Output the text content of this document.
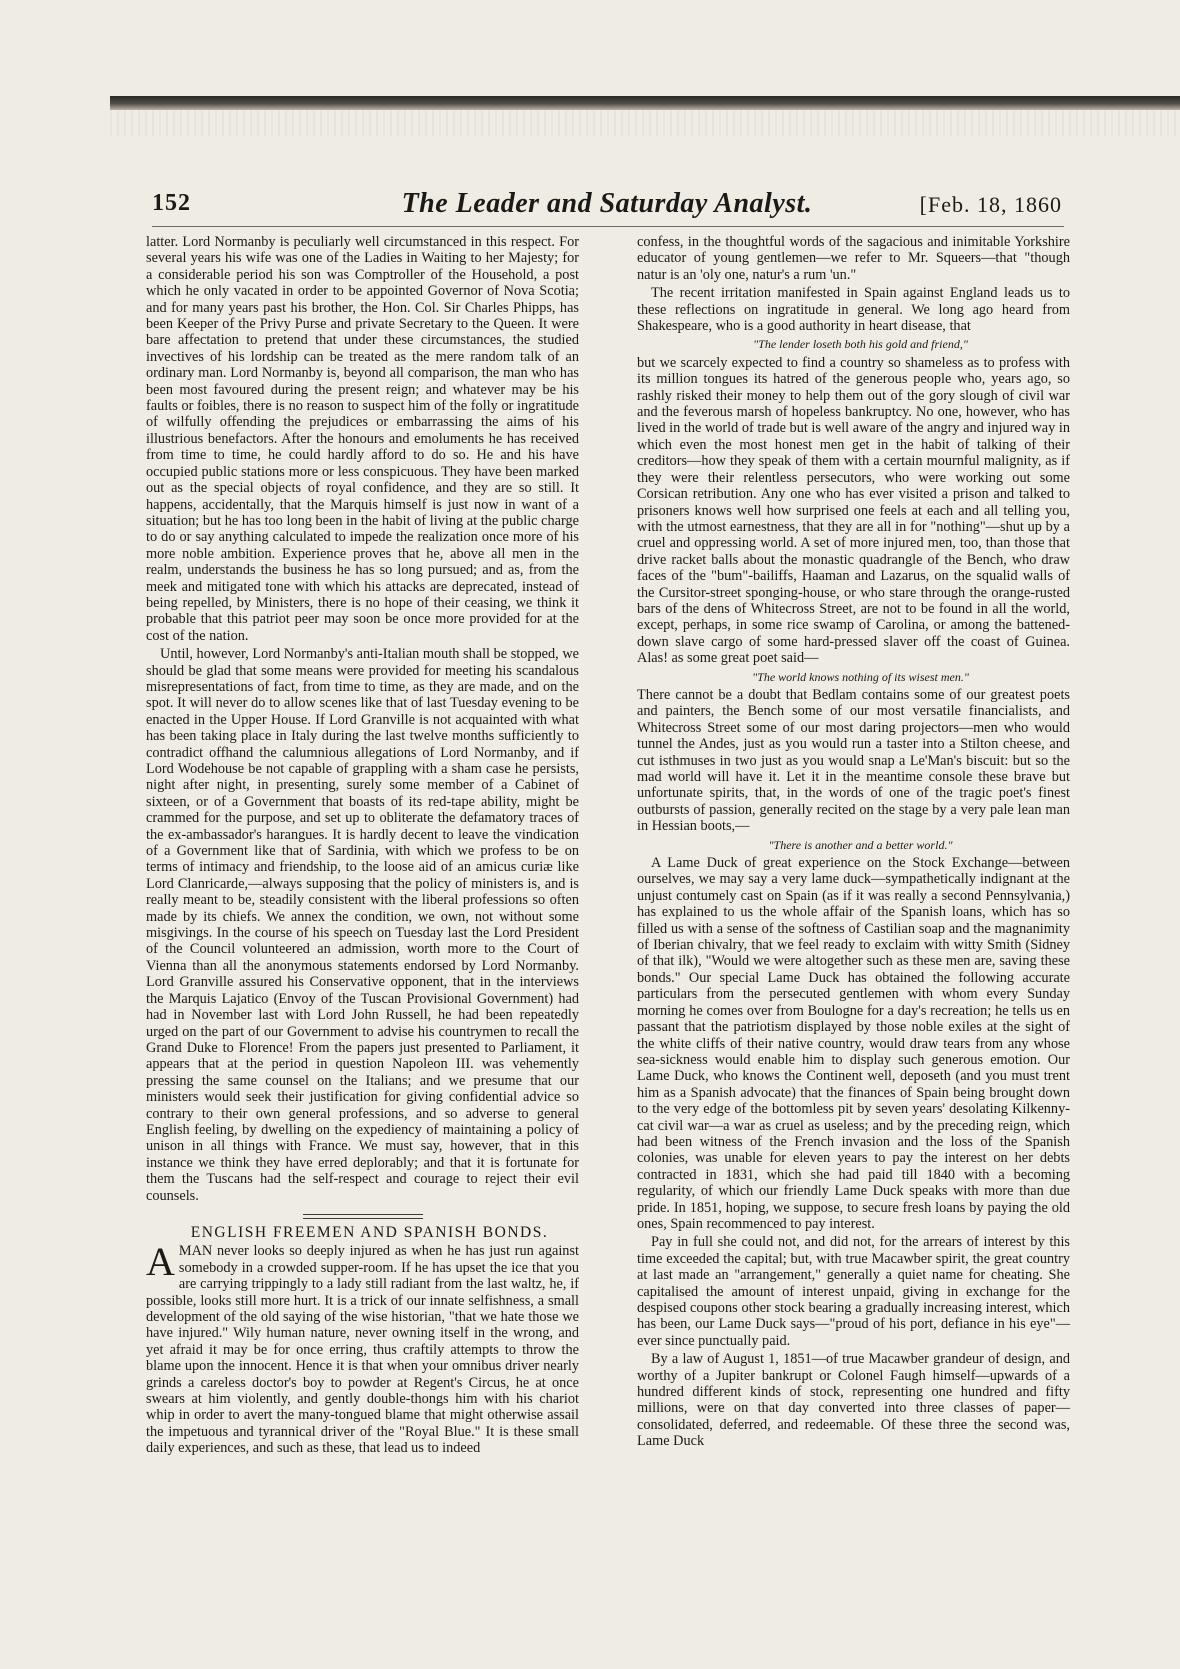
152	The Leader and Saturday Analyst.	[Feb. 18, 1860

latter. Lord Normanby is peculiarly well circumstanced in this respect. For several years his wife was one of the Ladies in Waiting to her Majesty; for a considerable period his son was Comptroller of the Household, a post which he only vacated in order to be appointed Governor of Nova Scotia; and for many years past his brother, the Hon. Col. Sir Charles Phipps, has been Keeper of the Privy Purse and private Secretary to the Queen. It were bare affectation to pretend that under these circumstances, the studied invectives of his lordship can be treated as the mere random talk of an ordinary man. Lord Normanby is, beyond all comparison, the man who has been most favoured during the present reign; and whatever may be his faults or foibles, there is no reason to suspect him of the folly or ingratitude of wilfully offending the prejudices or embarrassing the aims of his illustrious benefactors. After the honours and emoluments he has received from time to time, he could hardly afford to do so. He and his have occupied public stations more or less conspicuous. They have been marked out as the special objects of royal confidence, and they are so still. It happens, accidentally, that the Marquis himself is just now in want of a situation; but he has too long been in the habit of living at the public charge to do or say anything calculated to impede the realization once more of his more noble ambition. Experience proves that he, above all men in the realm, understands the business he has so long pursued; and as, from the meek and mitigated tone with which his attacks are deprecated, instead of being repelled, by Ministers, there is no hope of their ceasing, we think it probable that this patriot peer may soon be once more provided for at the cost of the nation.

Until, however, Lord Normanby's anti-Italian mouth shall be stopped, we should be glad that some means were provided for meeting his scandalous misrepresentations of fact, from time to time, as they are made, and on the spot. It will never do to allow scenes like that of last Tuesday evening to be enacted in the Upper House. If Lord Granville is not acquainted with what has been taking place in Italy during the last twelve months sufficiently to contradict offhand the calumnious allegations of Lord Normanby, and if Lord Wodehouse be not capable of grappling with a sham case he persists, night after night, in presenting, surely some member of a Cabinet of sixteen, or of a Government that boasts of its red-tape ability, might be crammed for the purpose, and set up to obliterate the defamatory traces of the ex-ambassador's harangues. It is hardly decent to leave the vindication of a Government like that of Sardinia, with which we profess to be on terms of intimacy and friendship, to the loose aid of an amicus curiæ like Lord Clanricarde,—always supposing that the policy of ministers is, and is really meant to be, steadily consistent with the liberal professions so often made by its chiefs. We annex the condition, we own, not without some misgivings. In the course of his speech on Tuesday last the Lord President of the Council volunteered an admission, worth more to the Court of Vienna than all the anonymous statements endorsed by Lord Normanby. Lord Granville assured his Conservative opponent, that in the interviews the Marquis Lajatico (Envoy of the Tuscan Provisional Government) had had in November last with Lord John Russell, he had been repeatedly urged on the part of our Government to advise his countrymen to recall the Grand Duke to Florence! From the papers just presented to Parliament, it appears that at the period in question Napoleon III. was vehemently pressing the same counsel on the Italians; and we presume that our ministers would seek their justification for giving confidential advice so contrary to their own general professions, and so adverse to general English feeling, by dwelling on the expediency of maintaining a policy of unison in all things with France. We must say, however, that in this instance we think they have erred deplorably; and that it is fortunate for them the Tuscans had the self-respect and courage to reject their evil counsels.

ENGLISH FREEMEN AND SPANISH BONDS.

AMAN never looks so deeply injured as when he has just run against somebody in a crowded supper-room. If he has upset the ice that you are carrying trippingly to a lady still radiant from the last waltz, he, if possible, looks still more hurt. It is a trick of our innate selfishness, a small development of the old saying of the wise historian, "that we hate those we have injured." Wily human nature, never owning itself in the wrong, and yet afraid it may be for once erring, thus craftily attempts to throw the blame upon the innocent. Hence it is that when your omnibus driver nearly grinds a careless doctor's boy to powder at Regent's Circus, he at once swears at him violently, and gently double-thongs him with his chariot whip in order to avert the many-tongued blame that might otherwise assail the impetuous and tyrannical driver of the "Royal Blue." It is these small daily experiences, and such as these, that lead us to indeed

confess, in the thoughtful words of the sagacious and inimitable Yorkshire educator of young gentlemen—we refer to Mr. Squeers—that "though natur is an 'oly one, natur's a rum 'un."

The recent irritation manifested in Spain against England leads us to these reflections on ingratitude in general. We long ago heard from Shakespeare, who is a good authority in heart disease, that

"The lender loseth both his gold and friend,"

but we scarcely expected to find a country so shameless as to profess with its million tongues its hatred of the generous people who, years ago, so rashly risked their money to help them out of the gory slough of civil war and the feverous marsh of hopeless bankruptcy. No one, however, who has lived in the world of trade but is well aware of the angry and injured way in which even the most honest men get in the habit of talking of their creditors—how they speak of them with a certain mournful malignity, as if they were their relentless persecutors, who were working out some Corsican retribution. Any one who has ever visited a prison and talked to prisoners knows well how surprised one feels at each and all telling you, with the utmost earnestness, that they are all in for "nothing"—shut up by a cruel and oppressing world. A set of more injured men, too, than those that drive racket balls about the monastic quadrangle of the Bench, who draw faces of the "bum"-bailiffs, Haaman and Lazarus, on the squalid walls of the Cursitor-street sponging-house, or who stare through the orange-rusted bars of the dens of Whitecross Street, are not to be found in all the world, except, perhaps, in some rice swamp of Carolina, or among the battened-down slave cargo of some hard-pressed slaver off the coast of Guinea. Alas! as some great poet said—

"The world knows nothing of its wisest men."

There cannot be a doubt that Bedlam contains some of our greatest poets and painters, the Bench some of our most versatile financialists, and Whitecross Street some of our most daring projectors—men who would tunnel the Andes, just as you would run a taster into a Stilton cheese, and cut isthmuses in two just as you would snap a Le'Man's biscuit: but so the mad world will have it. Let it in the meantime console these brave but unfortunate spirits, that, in the words of one of the tragic poet's finest outbursts of passion, generally recited on the stage by a very pale lean man in Hessian boots,—

"There is another and a better world."

A Lame Duck of great experience on the Stock Exchange—between ourselves, we may say a very lame duck—sympathetically indignant at the unjust contumely cast on Spain (as if it was really a second Pennsylvania,) has explained to us the whole affair of the Spanish loans, which has so filled us with a sense of the softness of Castilian soap and the magnanimity of Iberian chivalry, that we feel ready to exclaim with witty Smith (Sidney of that ilk), "Would we were altogether such as these men are, saving these bonds." Our special Lame Duck has obtained the following accurate particulars from the persecuted gentlemen with whom every Sunday morning he comes over from Boulogne for a day's recreation; he tells us en passant that the patriotism displayed by those noble exiles at the sight of the white cliffs of their native country, would draw tears from any whose sea-sickness would enable him to display such generous emotion. Our Lame Duck, who knows the Continent well, deposeth (and you must trent him as a Spanish advocate) that the finances of Spain being brought down to the very edge of the bottomless pit by seven years' desolating Kilkenny-cat civil war—a war as cruel as useless; and by the preceding reign, which had been witness of the French invasion and the loss of the Spanish colonies, was unable for eleven years to pay the interest on her debts contracted in 1831, which she had paid till 1840 with a becoming regularity, of which our friendly Lame Duck speaks with more than due pride. In 1851, hoping, we suppose, to secure fresh loans by paying the old ones, Spain recommenced to pay interest.

Pay in full she could not, and did not, for the arrears of interest by this time exceeded the capital; but, with true Macawber spirit, the great country at last made an "arrangement," generally a quiet name for cheating. She capitalised the amount of interest unpaid, giving in exchange for the despised coupons other stock bearing a gradually increasing interest, which has been, our Lame Duck says—"proud of his port, defiance in his eye"—ever since punctually paid.

By a law of August 1, 1851—of true Macawber grandeur of design, and worthy of a Jupiter bankrupt or Colonel Faugh himself—upwards of a hundred different kinds of stock, representing one hundred and fifty millions, were on that day converted into three classes of paper—consolidated, deferred, and redeemable. Of these three the second was, Lame Duck
